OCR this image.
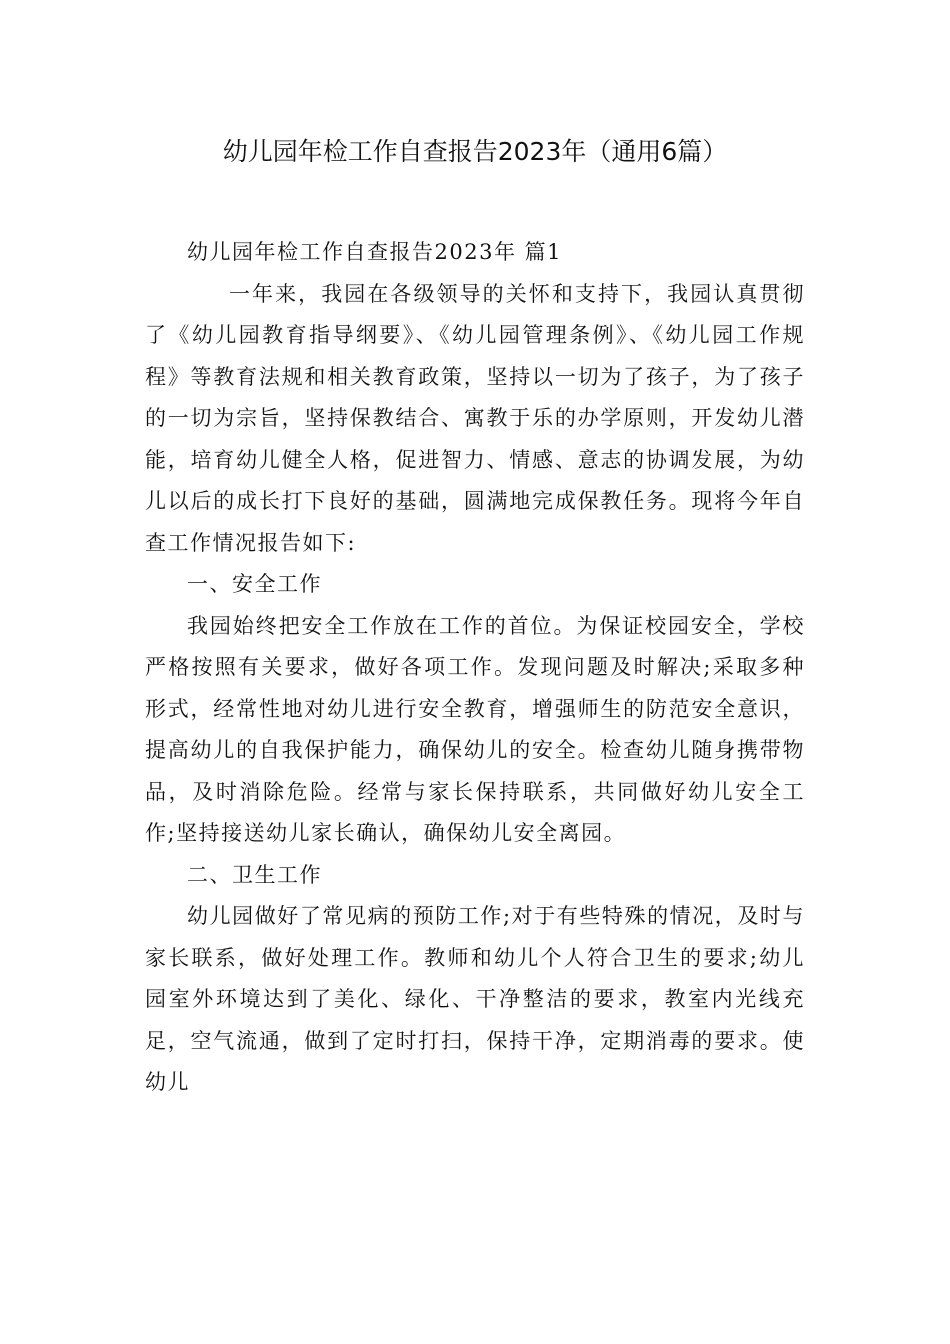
幼儿园年检工作自查报告2023年（通用6篇）

幼儿园年检工作自查报告2023年 篇1

一年来，我园在各级领导的关怀和支持下，我园认真贯彻了《幼儿园教育指导纲要》、《幼儿园管理条例》、《幼儿园工作规程》等教育法规和相关教育政策，坚持以一切为了孩子，为了孩子的一切为宗旨，坚持保教结合、寓教于乐的办学原则，开发幼儿潜能，培育幼儿健全人格，促进智力、情感、意志的协调发展，为幼儿以后的成长打下良好的基础，圆满地完成保教任务。现将今年自查工作情况报告如下:

一、安全工作

我园始终把安全工作放在工作的首位。为保证校园安全，学校严格按照有关要求，做好各项工作。发现问题及时解决;采取多种形式，经常性地对幼儿进行安全教育，增强师生的防范安全意识，提高幼儿的自我保护能力，确保幼儿的安全。检查幼儿随身携带物品，及时消除危险。经常与家长保持联系，共同做好幼儿安全工作;坚持接送幼儿家长确认，确保幼儿安全离园。

二、卫生工作

幼儿园做好了常见病的预防工作;对于有些特殊的情况，及时与家长联系，做好处理工作。教师和幼儿个人符合卫生的要求;幼儿园室外环境达到了美化、绿化、干净整洁的要求，教室内光线充足，空气流通，做到了定时打扫，保持干净，定期消毒的要求。使幼儿
